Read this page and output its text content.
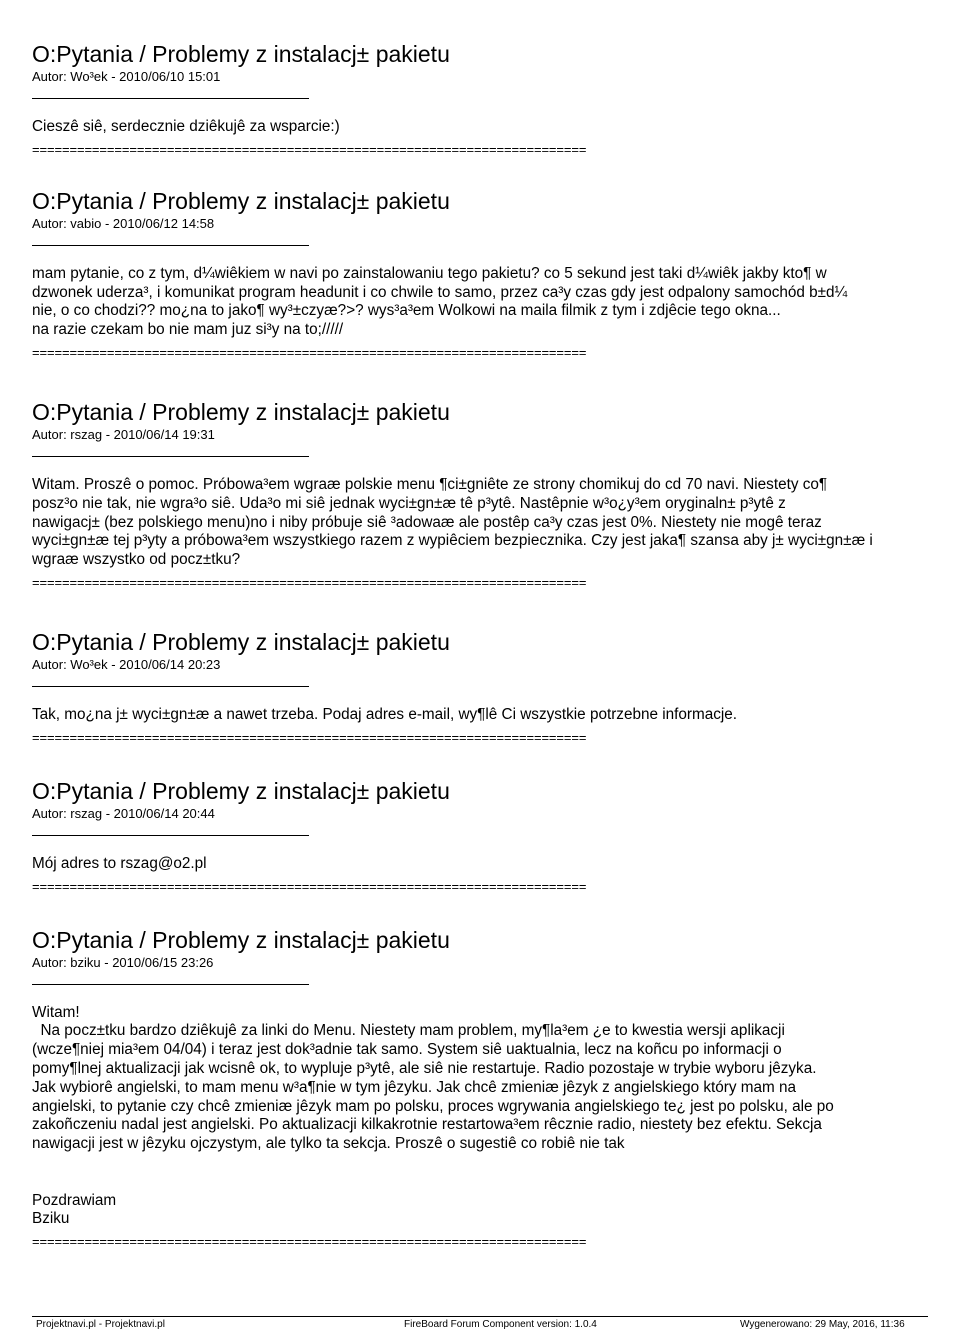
O:Pytania / Problemy z instalacj± pakietu
Autor: Wo³ek - 2010/06/10 15:01
Cieszê siê, serdecznie dziêkujê za wsparcie:)
==========================================================================
O:Pytania / Problemy z instalacj± pakietu
Autor: vabio - 2010/06/12 14:58
mam pytanie, co z tym, d¼wiêkiem w navi po zainstalowaniu tego pakietu? co 5 sekund jest taki d¼wiêk jakby kto¶ w
dzwonek uderza³, i komunikat program headunit i co chwile to samo, przez ca³y czas gdy jest odpalony samochód b±d¼
nie, o co chodzi?? mo¿na to jako¶ wy³±czyæ?>? wys³a³em Wolkowi na maila filmik z tym i zdjêcie tego okna...
na razie czekam bo nie mam juz si³y na to;/////
==========================================================================
O:Pytania / Problemy z instalacj± pakietu
Autor: rszag - 2010/06/14 19:31
Witam. Proszê o pomoc. Próbowa³em wgraæ polskie menu ¶ci±gniête ze strony chomikuj do cd 70 navi. Niestety co¶
posz³o nie tak, nie wgra³o siê. Uda³o mi siê jednak wyci±gn±æ tê p³ytê. Nastêpnie w³o¿y³em oryginaln± p³ytê z
nawigacj± (bez polskiego menu)no i niby próbuje siê ³adowaæ ale postêp ca³y czas jest 0%. Niestety nie mogê teraz
wyci±gn±æ tej p³yty a próbowa³em wszystkiego razem z wypiêciem bezpiecznika. Czy jest jaka¶ szansa aby j± wyci±gn±æ i
wgraæ wszystko od pocz±tku?
==========================================================================
O:Pytania / Problemy z instalacj± pakietu
Autor: Wo³ek - 2010/06/14 20:23
Tak, mo¿na j± wyci±gn±æ a nawet trzeba. Podaj adres e-mail, wy¶lê Ci wszystkie potrzebne informacje.
==========================================================================
O:Pytania / Problemy z instalacj± pakietu
Autor: rszag - 2010/06/14 20:44
Mój adres to rszag@o2.pl
==========================================================================
O:Pytania / Problemy z instalacj± pakietu
Autor: bziku - 2010/06/15 23:26
Witam!
Na pocz±tku bardzo dziêkujê za linki do Menu. Niestety mam problem, my¶la³em ¿e to kwestia wersji aplikacji
(wcze¶niej mia³em 04/04) i teraz jest dok³adnie tak samo. System siê uaktualnia, lecz na koñcu po informacji o
pomy¶lnej aktualizacji jak wcisnê ok, to wypluje p³ytê, ale siê nie restartuje. Radio pozostaje w trybie wyboru jêzyka.
Jak wybiorê angielski, to mam menu w³a¶nie w tym jêzyku. Jak chcê zmieniæ jêzyk z angielskiego który mam na
angielski, to pytanie czy chcê zmieniæ jêzyk mam po polsku, proces wgrywania angielskiego te¿ jest po polsku, ale po
zakoñczeniu nadal jest angielski. Po aktualizacji kilkakrotnie restartowa³em rêcznie radio, niestety bez efektu. Sekcja
nawigacji jest w jêzyku ojczystym, ale tylko ta sekcja. Proszê o sugestiê co robiê nie tak

Pozdrawiam
Bziku
==========================================================================
Projektnavi.pl - Projektnavi.pl	FireBoard Forum Component version: 1.0.4	Wygenerowano: 29 May, 2016, 11:36
